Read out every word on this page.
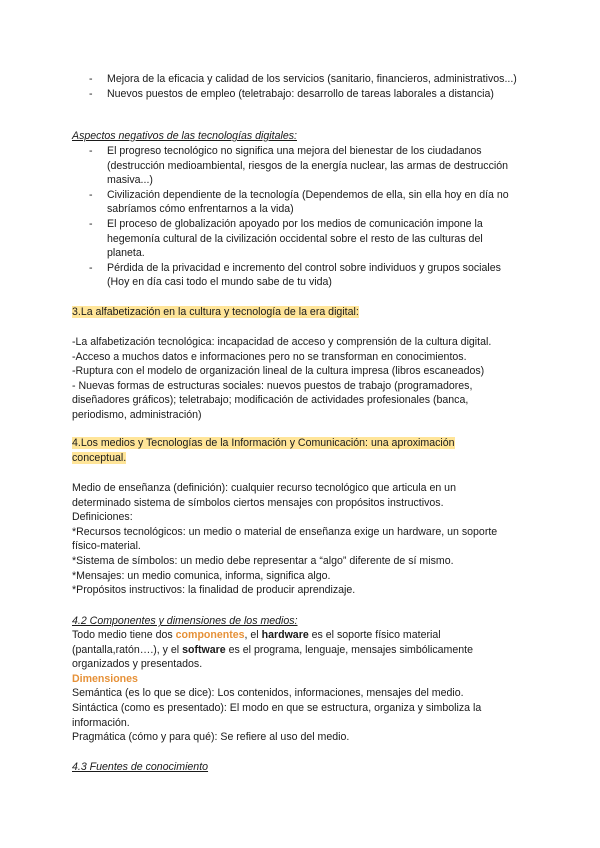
- Mejora de la eficacia y calidad de los servicios (sanitario, financieros, administrativos...)

- Nuevos puestos de empleo (teletrabajo: desarrollo de tareas laborales a distancia)

Aspectos negativos de las tecnologías digitales:

- El progreso tecnológico no significa una mejora del bienestar de los ciudadanos (destrucción medioambiental, riesgos de la energía nuclear, las armas de destrucción masiva...)

- Civilización dependiente de la tecnología (Dependemos de ella, sin ella hoy en día no sabríamos cómo enfrentarnos a la vida)

- El proceso de globalización apoyado por los medios de comunicación impone la hegemonía cultural de la civilización occidental sobre el resto de las culturas del planeta.

- Pérdida de la privacidad e incremento del control sobre individuos y grupos sociales (Hoy en día casi todo el mundo sabe de tu vida)

3.La alfabetización en la cultura y tecnología de la era digital:

-La alfabetización tecnológica: incapacidad de acceso y comprensión de la cultura digital.

-Acceso a muchos datos e informaciones pero no se transforman en conocimientos.

-Ruptura con el modelo de organización lineal de la cultura impresa (libros escaneados)

- Nuevas formas de estructuras sociales: nuevos puestos de trabajo (programadores, diseñadores gráficos); teletrabajo; modificación de actividades profesionales (banca, periodismo, administración)

4.Los medios y Tecnologías de la Información y Comunicación: una aproximación conceptual.

Medio de enseñanza (definición): cualquier recurso tecnológico que articula en un determinado sistema de símbolos ciertos mensajes con propósitos instructivos.

Definiciones:

*Recursos tecnológicos: un medio o material de enseñanza exige un hardware, un soporte físico-material.

*Sistema de símbolos: un medio debe representar a “algo” diferente de sí mismo.

*Mensajes: un medio comunica, informa, significa algo.

*Propósitos instructivos: la finalidad de producir aprendizaje.

4.2 Componentes y dimensiones de los medios:

Todo medio tiene dos componentes, el hardware es el soporte físico material (pantalla,ratón….), y el software es el programa, lenguaje, mensajes simbólicamente organizados y presentados.

Dimensiones

Semántica (es lo que se dice): Los contenidos, informaciones, mensajes del medio.

Sintáctica (como es presentado): El modo en que se estructura, organiza y simboliza la información.

Pragmática (cómo y para qué): Se refiere al uso del medio.

4.3 Fuentes de conocimiento
